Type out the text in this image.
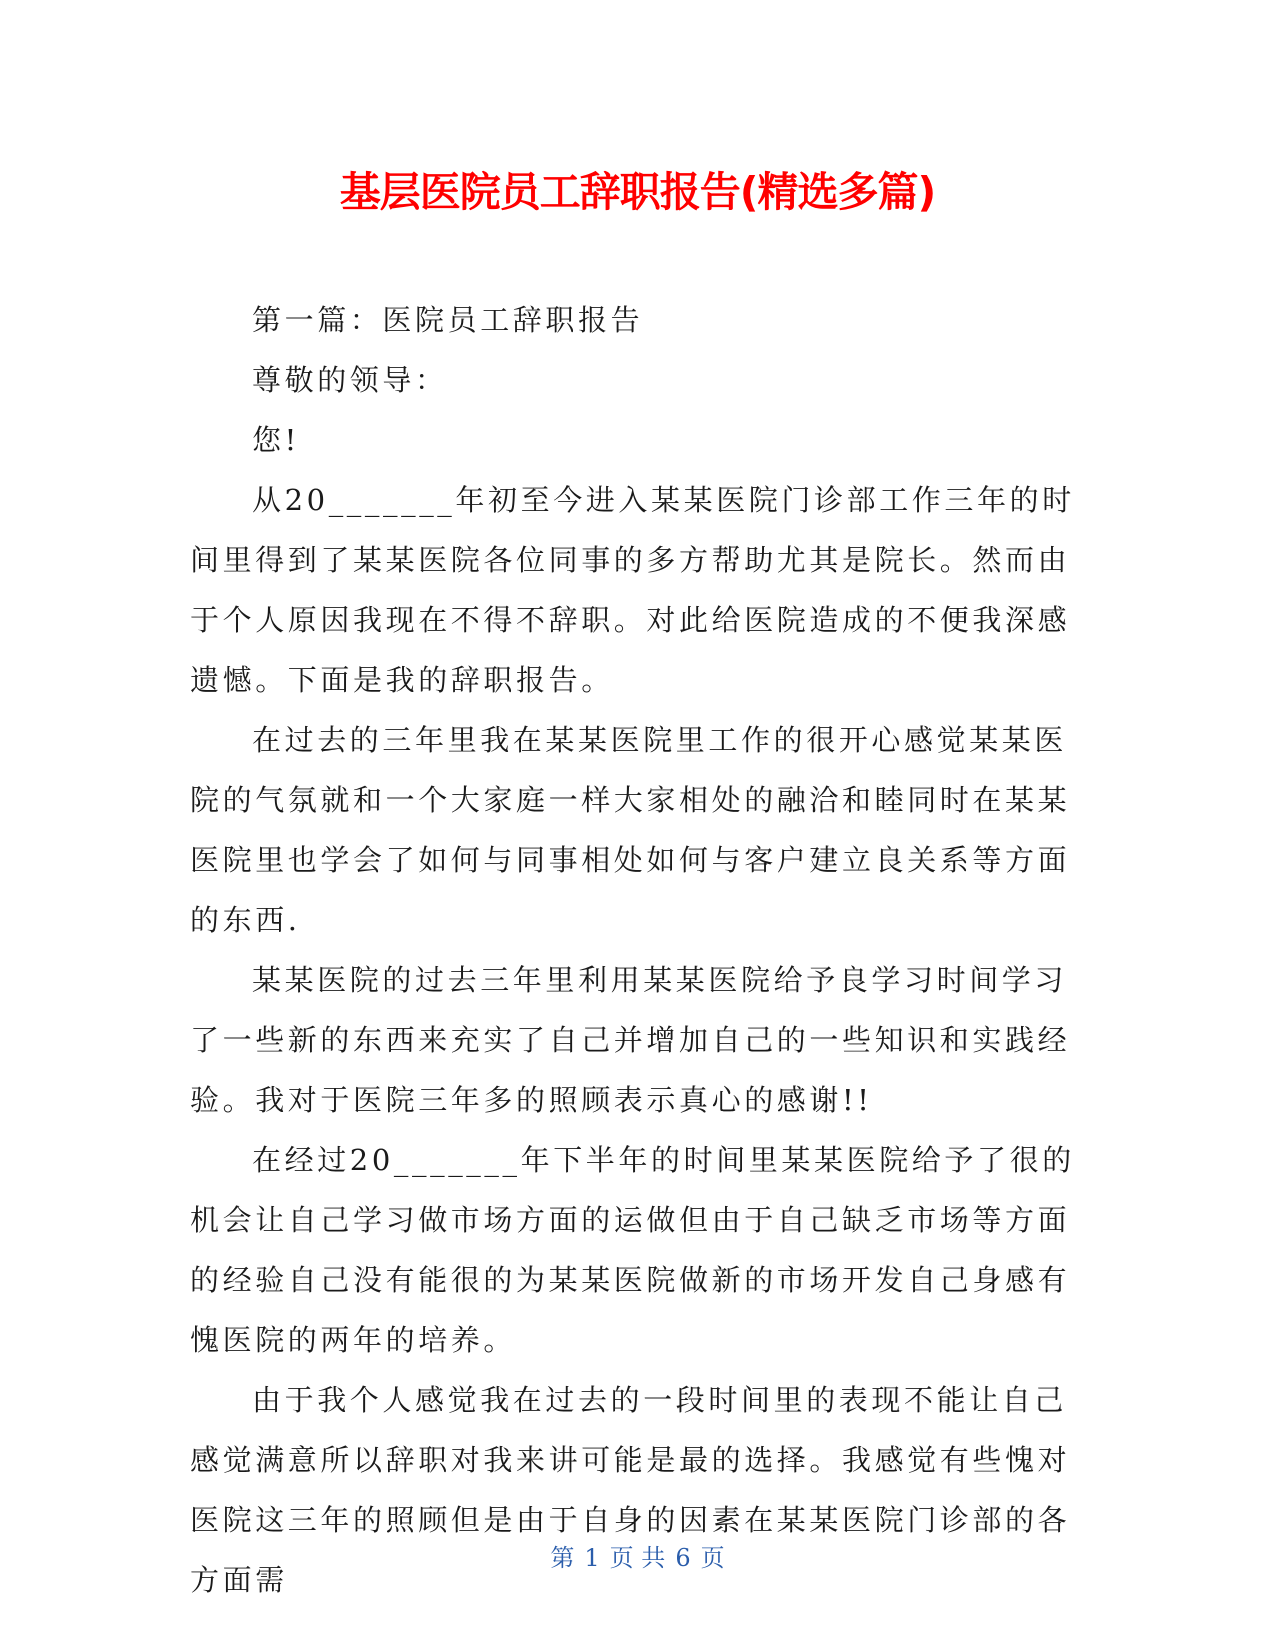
基层医院员工辞职报告(精选多篇)

第一篇：医院员工辞职报告

尊敬的领导：

您!

从20_______年初至今进入某某医院门诊部工作三年的时间里得到了某某医院各位同事的多方帮助尤其是院长。然而由于个人原因我现在不得不辞职。对此给医院造成的不便我深感遗憾。下面是我的辞职报告。

在过去的三年里我在某某医院里工作的很开心感觉某某医院的气氛就和一个大家庭一样大家相处的融洽和睦同时在某某医院里也学会了如何与同事相处如何与客户建立良关系等方面的东西.

某某医院的过去三年里利用某某医院给予良学习时间学习了一些新的东西来充实了自己并增加自己的一些知识和实践经验。我对于医院三年多的照顾表示真心的感谢!!

在经过20_______年下半年的时间里某某医院给予了很的机会让自己学习做市场方面的运做但由于自己缺乏市场等方面的经验自己没有能很的为某某医院做新的市场开发自己身感有愧医院的两年的培养。

由于我个人感觉我在过去的一段时间里的表现不能让自己感觉满意所以辞职对我来讲可能是最的选择。我感觉有些愧对医院这三年的照顾但是由于自身的因素在某某医院门诊部的各方面需

第 1 页 共 6 页
